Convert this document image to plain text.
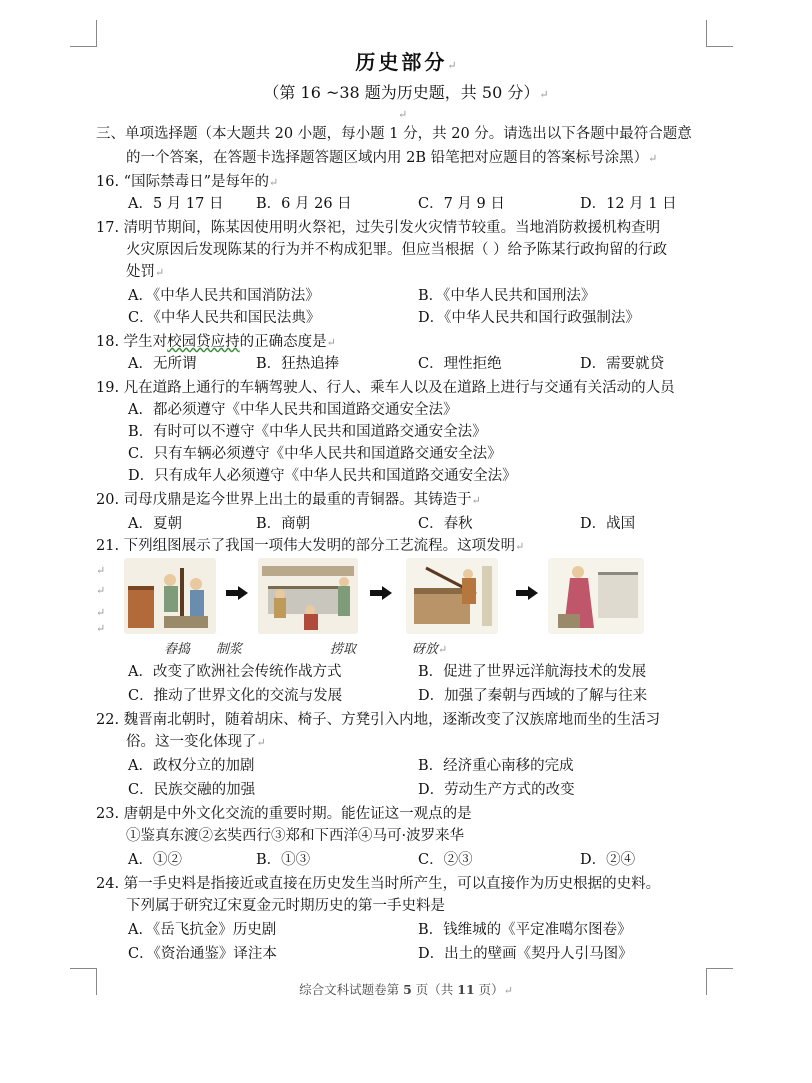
历史部分↵
（第 16 ~38 题为历史题，共 50 分）↵
↵
三、单项选择题（本大题共 20 小题，每小题 1 分，共 20 分。请选出以下各题中最符合题意
的一个答案，在答题卡选择题答题区域内用 2B 铅笔把对应题目的答案标号涂黑）↵
16. “国际禁毒日”是每年的↵
A．5 月 17 日 B．6 月 26 日	C．7 月 9 日	D．12 月 1 日
17. 清明节期间，陈某因使用明火祭祀，过失引发火灾情节较重。当地消防救援机构查明
火灾原因后发现陈某的行为并不构成犯罪。但应当根据（ ）给予陈某行政拘留的行政
处罚↵
A．《中华人民共和国消防法》	B．《中华人民共和国刑法》
C．《中华人民共和国民法典》	D．《中华人民共和国行政强制法》
18. 学生对校园贷应持的正确态度是↵
A．无所谓	B．狂热追捧	C．理性拒绝	D．需要就贷
19. 凡在道路上通行的车辆驾驶人、行人、乘车人以及在道路上进行与交通有关活动的人员
A．都必须遵守《中华人民共和国道路交通安全法》
B．有时可以不遵守《中华人民共和国道路交通安全法》
C．只有车辆必须遵守《中华人民共和国道路交通安全法》
D．只有成年人必须遵守《中华人民共和国道路交通安全法》
20. 司母戊鼎是迄今世界上出土的最重的青铜器。其铸造于↵
A．夏朝	B．商朝	C．春秋	D．战国
21. 下列组图展示了我国一项伟大发明的部分工艺流程。这项发明↵
↵
↵
↵
↵
舂捣 制浆	捞取	砑放↵
A．改变了欧洲社会传统作战方式	B．促进了世界远洋航海技术的发展
C．推动了世界文化的交流与发展	D．加强了秦朝与西域的了解与往来
22. 魏晋南北朝时，随着胡床、椅子、方凳引入内地，逐渐改变了汉族席地而坐的生活习
俗。这一变化体现了↵
A．政权分立的加剧	B．经济重心南移的完成
C．民族交融的加强	D．劳动生产方式的改变
23. 唐朝是中外文化交流的重要时期。能佐证这一观点的是
①鉴真东渡②玄奘西行③郑和下西洋④马可·波罗来华
A．①②	B．①③	C．②③	D．②④
24. 第一手史料是指接近或直接在历史发生当时所产生，可以直接作为历史根据的史料。
下列属于研究辽宋夏金元时期历史的第一手史料是
A．《岳飞抗金》历史剧	B．钱维城的《平定准噶尔图卷》
C．《资治通鉴》译注本	D．出土的壁画《契丹人引马图》
综合文科试题卷第 5 页（共 11 页）↵
